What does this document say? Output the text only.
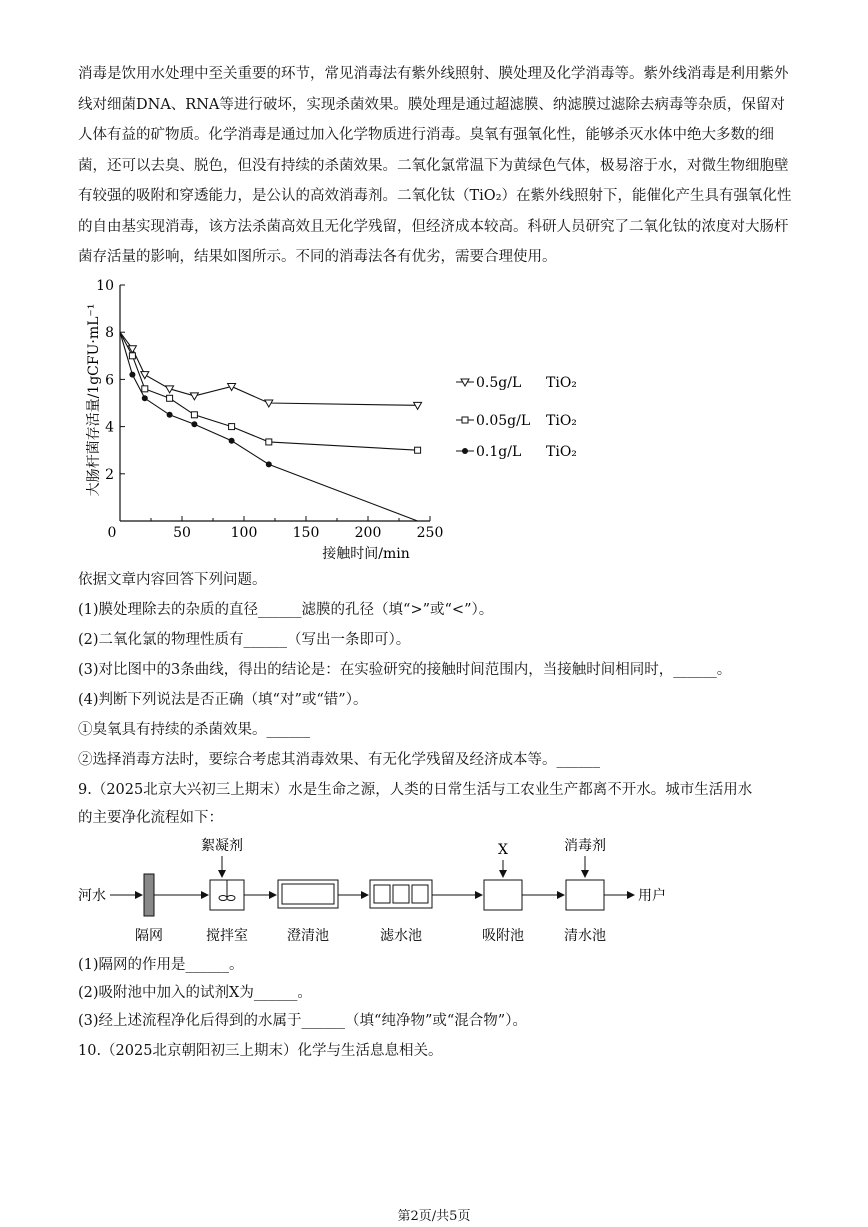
消毒是饮用水处理中至关重要的环节，常见消毒法有紫外线照射、膜处理及化学消毒等。紫外线消毒是利用紫外线对细菌DNA、RNA等进行破坏，实现杀菌效果。膜处理是通过超滤膜、纳滤膜过滤除去病毒等杂质，保留对人体有益的矿物质。化学消毒是通过加入化学物质进行消毒。臭氧有强氧化性，能够杀灭水体中绝大多数的细菌，还可以去臭、脱色，但没有持续的杀菌效果。二氧化氯常温下为黄绿色气体，极易溶于水，对微生物细胞壁有较强的吸附和穿透能力，是公认的高效消毒剂。二氧化钛（TiO₂）在紫外线照射下，能催化产生具有强氧化性的自由基实现消毒，该方法杀菌高效且无化学残留，但经济成本较高。科研人员研究了二氧化钛的浓度对大肠杆菌存活量的影响，结果如图所示。不同的消毒法各有优劣，需要合理使用。

大肠杆菌存活量/1gCFU·mL⁻¹
0	50	100	150	200	250
2
4
6
8
10
0.5g/L TiO₂
0.05g/L TiO₂
0.1g/L TiO₂
接触时间/min

依据文章内容回答下列问题。

(1)膜处理除去的杂质的直径______滤膜的孔径（填“>”或“<”）。

(2)二氧化氯的物理性质有______（写出一条即可）。

(3)对比图中的3条曲线，得出的结论是：在实验研究的接触时间范围内，当接触时间相同时，______。

(4)判断下列说法是否正确（填“对”或“错”）。

①臭氧具有持续的杀菌效果。______

②选择消毒方法时，要综合考虑其消毒效果、有无化学残留及经济成本等。______

9.（2025北京大兴初三上期末）水是生命之源，人类的日常生活与工农业生产都离不开水。城市生活用水

的主要净化流程如下：

河水
絮凝剂	X	消毒剂
用户
隔网	搅拌室	澄清池	滤水池	吸附池	清水池

(1)隔网的作用是______。

(2)吸附池中加入的试剂X为______。

(3)经上述流程净化后得到的水属于______（填“纯净物”或“混合物”）。

10.（2025北京朝阳初三上期末）化学与生活息息相关。

第2页/共5页
